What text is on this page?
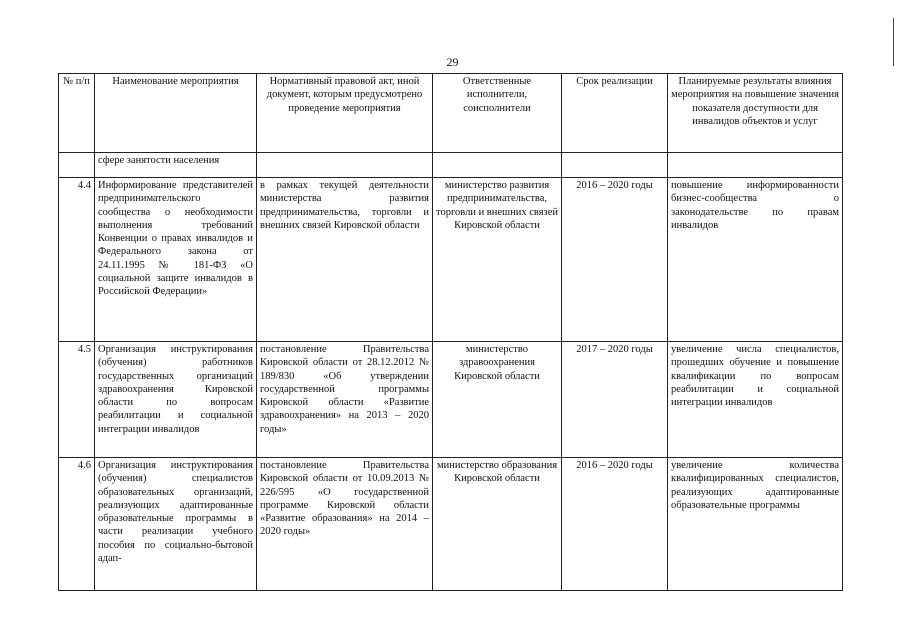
29
№ п/п	Наименование мероприятия	Нормативный правовой акт, иной документ, которым предусмотрено проведение мероприятия	Ответственные исполнители, соисполнители	Срок реализации	Планируемые результаты влияния мероприятия на повышение значения показателя доступности для инвалидов объектов и услуг
	сфере занятости населения				
4.4	Информирование представителей предпринимательского сообщества о необходимости выполнения требований Конвенции о правах инвалидов и Федерального закона от 24.11.1995 № 181-ФЗ «О социальной защите инвалидов в Российской Федерации»	в рамках текущей деятельности министерства развития предпринимательства, торговли и внешних связей Кировской области	министерство развития предпринимательства, торговли и внешних связей Кировской области	2016 – 2020 годы	повышение информированности бизнес-сообщества о законодательстве по правам инвалидов
4.5	Организация инструктирования (обучения) работников государственных организаций здравоохранения Кировской области по вопросам реабилитации и социальной интеграции инвалидов	постановление Правительства Кировской области от 28.12.2012 № 189/830 «Об утверждении государственной программы Кировской области «Развитие здравоохранения» на 2013 – 2020 годы»	министерство здравоохранения Кировской области	2017 – 2020 годы	увеличение числа специалистов, прошедших обучение и повышение квалификации по вопросам реабилитации и социальной интеграции инвалидов
4.6	Организация инструктирования (обучения) специалистов образовательных организаций, реализующих адаптированные образовательные программы в части реализации учебного пособия по социально-бытовой адап-	постановление Правительства Кировской области от 10.09.2013 № 226/595 «О государственной программе Кировской области «Развитие образования» на 2014 – 2020 годы»	министерство образования Кировской области	2016 – 2020 годы	увеличение количества квалифицированных специалистов, реализующих адаптированные образовательные программы
